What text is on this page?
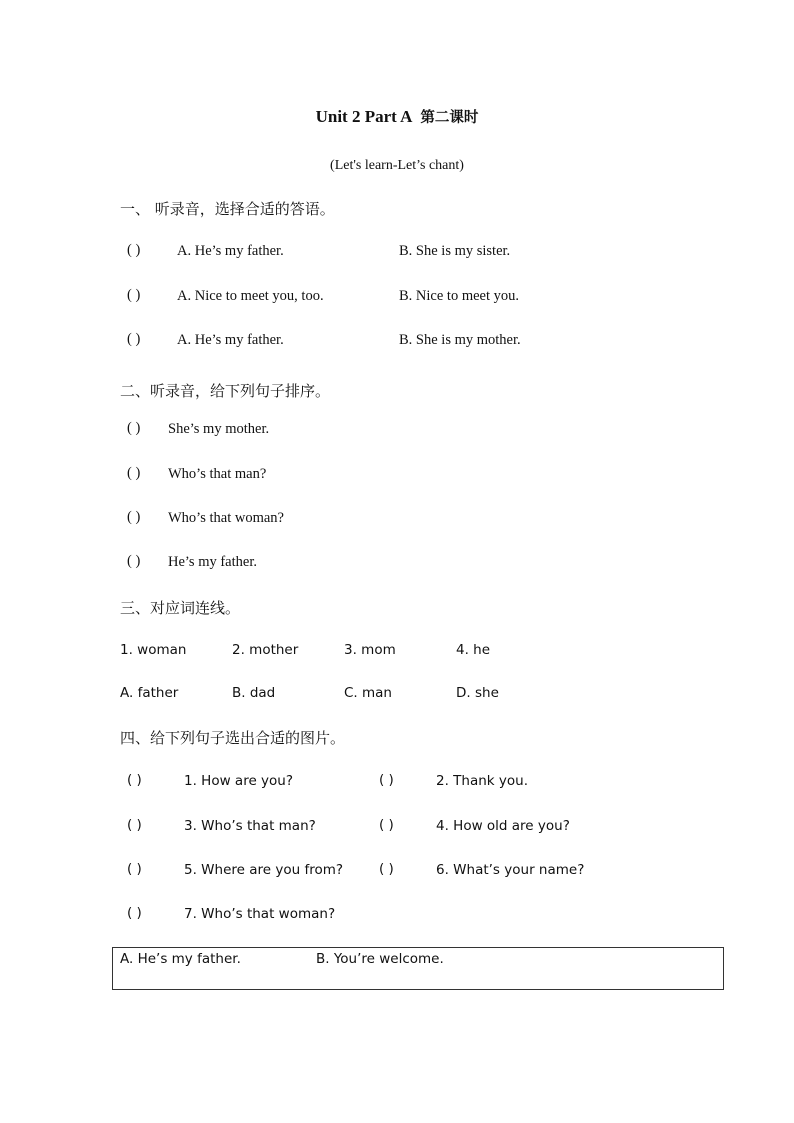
Unit 2 Part A 第二课时
(Let's learn-Let’s chant)
一、 听录音，选择合适的答语。
( )	A. He’s my father.	B. She is my sister.
( )	A. Nice to meet you, too.	B. Nice to meet you.
( )	A. He’s my father.	B. She is my mother.
二、听录音，给下列句子排序。
( ) She’s my mother.
( ) Who’s that man?
( ) Who’s that woman?
( ) He’s my father.
三、对应词连线。
1. woman	2. mother	3. mom	4. he
A. father	B. dad	C. man	D. she
四、给下列句子选出合适的图片。
( )	1. How are you?	( )	2. Thank you.
( )	3. Who’s that man?	( )	4. How old are you?
( )	5. Where are you from?	( )	6. What’s your name?
( )	7. Who’s that woman?
A. He’s my father.	B. You’re welcome.
